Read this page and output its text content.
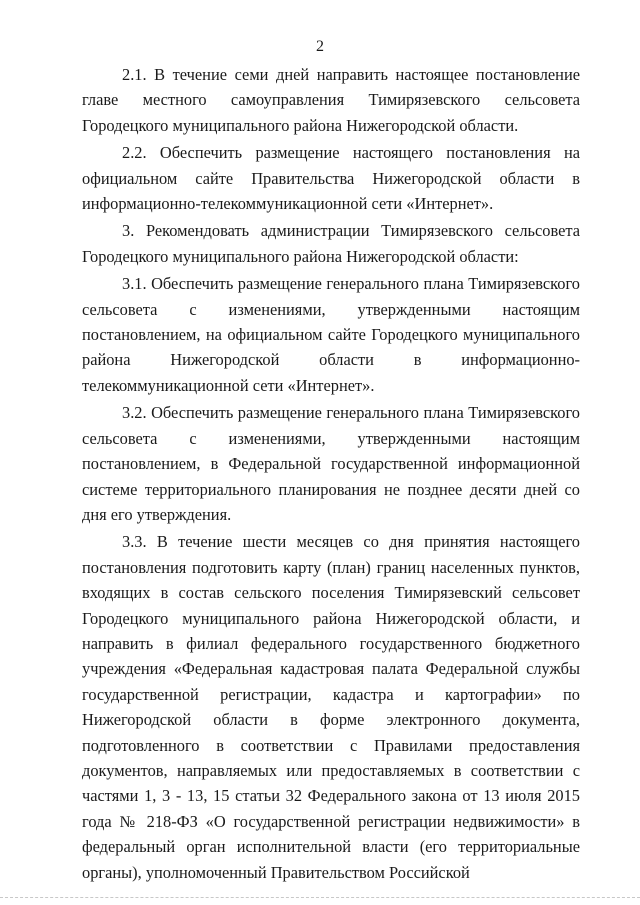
2

2.1. В течение семи дней направить настоящее постановление главе местного самоуправления Тимирязевского сельсовета Городецкого муниципального района Нижегородской области.

2.2. Обеспечить размещение настоящего постановления на официальном сайте Правительства Нижегородской области в информационно-телекоммуникационной сети «Интернет».

3. Рекомендовать администрации Тимирязевского сельсовета Городецкого муниципального района Нижегородской области:

3.1. Обеспечить размещение генерального плана Тимирязевского сельсовета с изменениями, утвержденными настоящим постановлением, на официальном сайте Городецкого муниципального района Нижегородской области в информационно-телекоммуникационной сети «Интернет».

3.2. Обеспечить размещение генерального плана Тимирязевского сельсовета с изменениями, утвержденными настоящим постановлением, в Федеральной государственной информационной системе территориального планирования не позднее десяти дней со дня его утверждения.

3.3. В течение шести месяцев со дня принятия настоящего постановления подготовить карту (план) границ населенных пунктов, входящих в состав сельского поселения Тимирязевский сельсовет Городецкого муниципального района Нижегородской области, и направить в филиал федерального государственного бюджетного учреждения «Федеральная кадастровая палата Федеральной службы государственной регистрации, кадастра и картографии» по Нижегородской области в форме электронного документа, подготовленного в соответствии с Правилами предоставления документов, направляемых или предоставляемых в соответствии с частями 1, 3 - 13, 15 статьи 32 Федерального закона от 13 июля 2015 года № 218-ФЗ «О государственной регистрации недвижимости» в федеральный орган исполнительной власти (его территориальные органы), уполномоченный Правительством Российской
